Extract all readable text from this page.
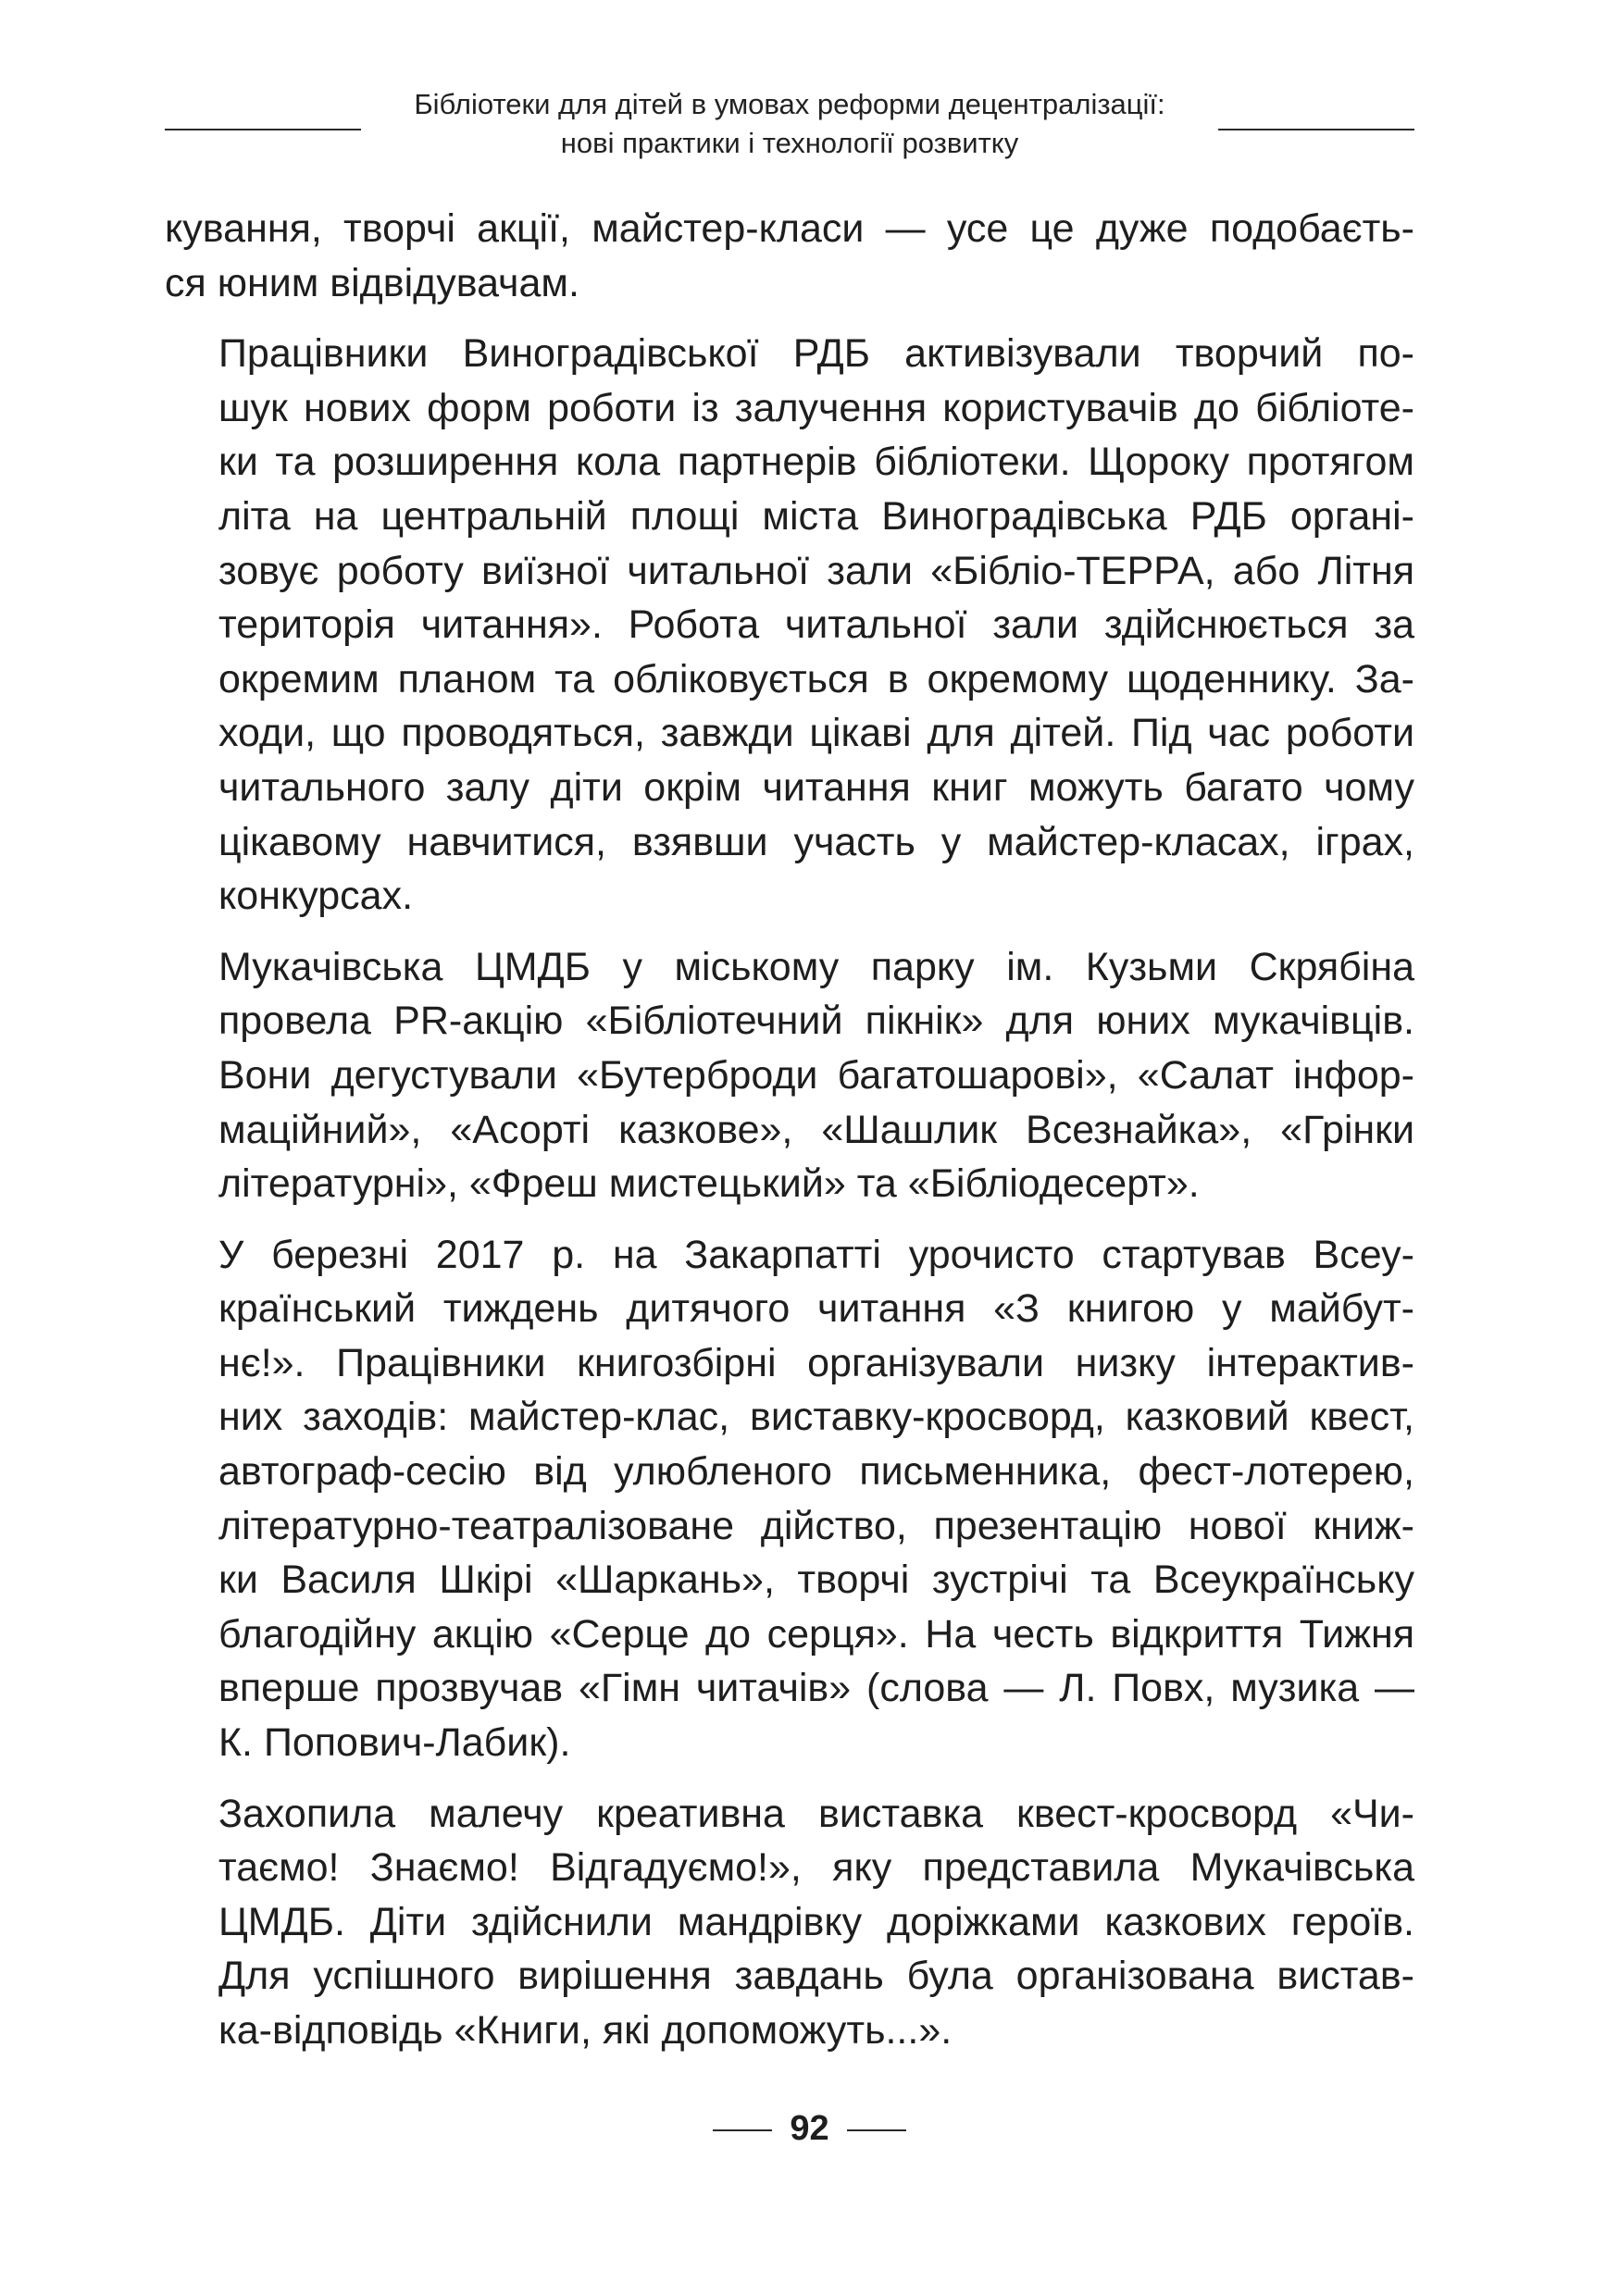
Бібліотеки для дітей в умовах реформи децентралізації:
нові практики і технології розвитку

кування, творчі акції, майстер-класи — усе це дуже подобаєть-
ся юним відвідувачам.

Працівники Виноградівської РДБ активізували творчий по-
шук нових форм роботи із залучення користувачів до бібліоте-
ки та розширення кола партнерів бібліотеки. Щороку протягом
літа на центральній площі міста Виноградівська РДБ органі-
зовує роботу виїзної читальної зали «Бібліо-ТЕРРА, або Літня
територія читання». Робота читальної зали здійснюється за
окремим планом та обліковується в окремому щоденнику. За-
ходи, що проводяться, завжди цікаві для дітей. Під час роботи
читального залу діти окрім читання книг можуть багато чому
цікавому навчитися, взявши участь у майстер-класах, іграх,
конкурсах.

Мукачівська ЦМДБ у міському парку ім. Кузьми Скрябіна
провела PR-акцію «Бібліотечний пікнік» для юних мукачівців.
Вони дегустували «Бутерброди багатошарові», «Салат інфор-
маційний», «Асорті казкове», «Шашлик Всезнайка», «Грінки
літературні», «Фреш мистецький» та «Бібліодесерт».

У березні 2017 р. на Закарпатті урочисто стартував Всеу-
країнський тиждень дитячого читання «З книгою у майбут-
нє!». Працівники книгозбірні організували низку інтерактив-
них заходів: майстер-клас, виставку-кросворд, казковий квест,
автограф-сесію від улюбленого письменника, фест-лотерею,
літературно-театралізоване дійство, презентацію нової книж-
ки Василя Шкірі «Шаркань», творчі зустрічі та Всеукраїнську
благодійну акцію «Серце до серця». На честь відкриття Тижня
вперше прозвучав «Гімн читачів» (слова — Л. Повх, музика —
К. Попович-Лабик).

Захопила малечу креативна виставка квест-кросворд «Чи-
таємо! Знаємо! Відгадуємо!», яку представила Мукачівська
ЦМДБ. Діти здійснили мандрівку доріжками казкових героїв.
Для успішного вирішення завдань була організована вистав-
ка-відповідь «Книги, які допоможуть...».

92
